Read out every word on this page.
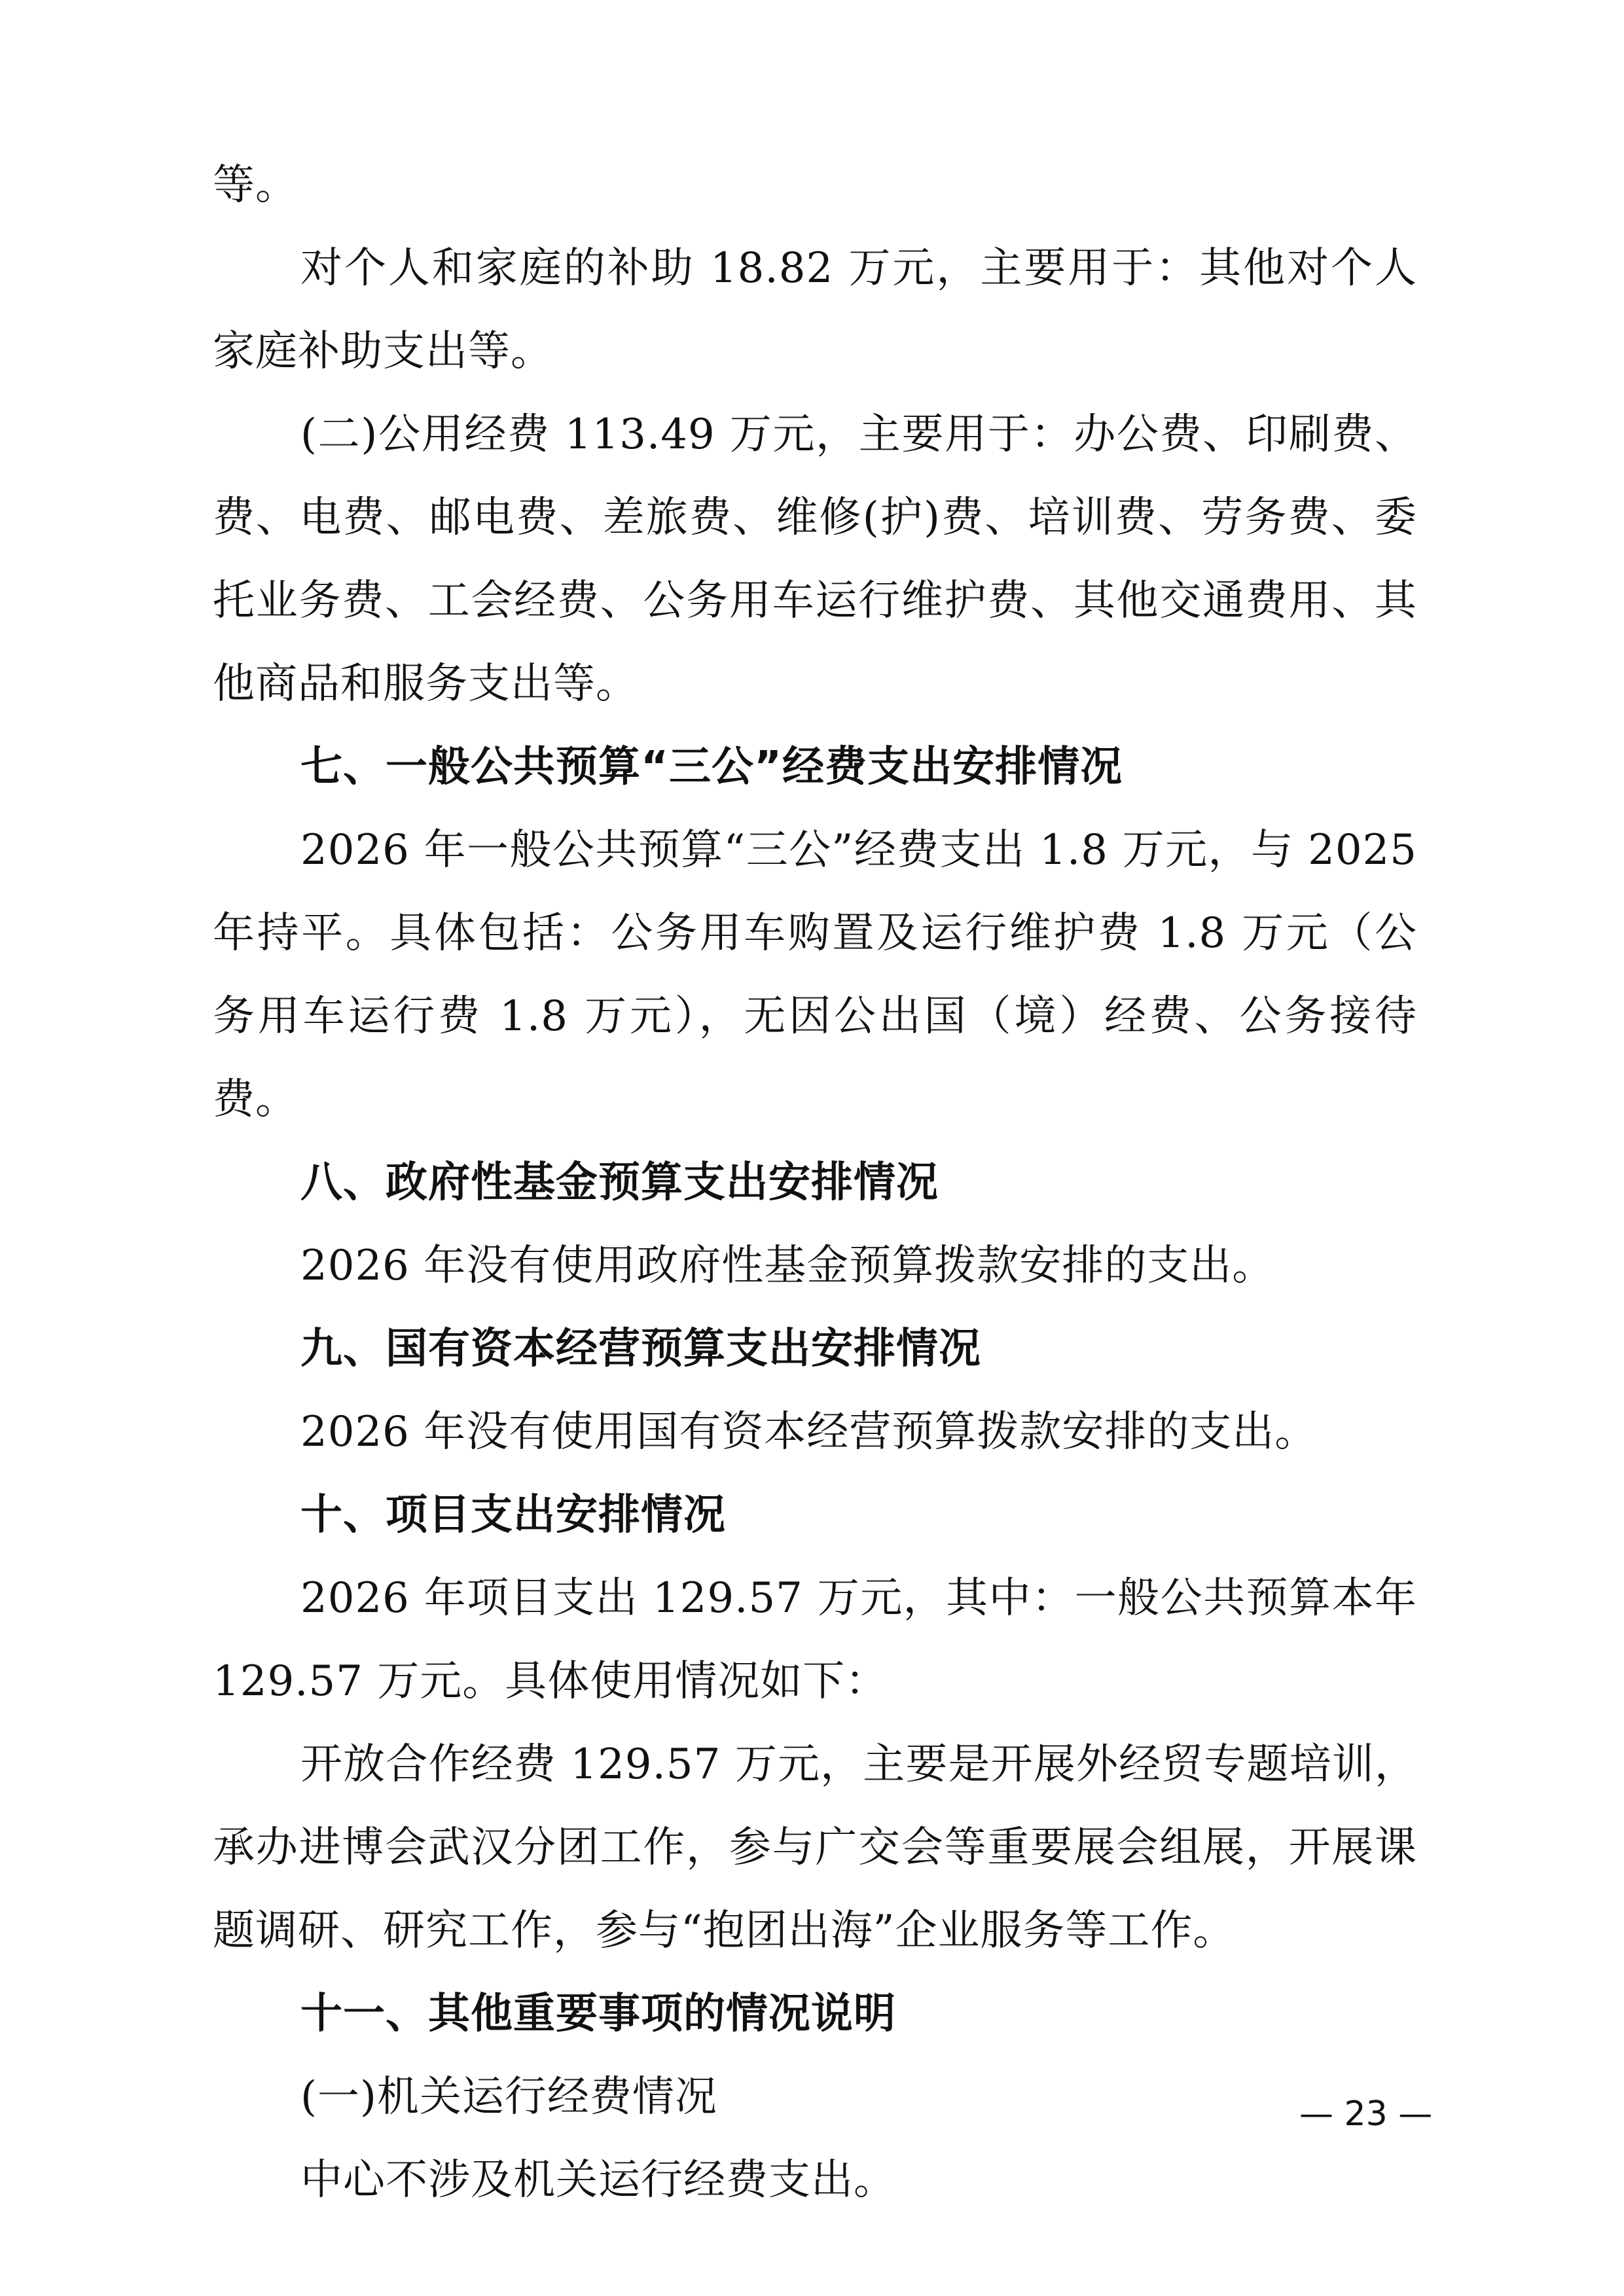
等。
对个人和家庭的补助 18.82 万元，主要用于：其他对个人
家庭补助支出等。
(二)公用经费 113.49 万元，主要用于：办公费、印刷费、
费、电费、邮电费、差旅费、维修(护)费、培训费、劳务费、委
托业务费、工会经费、公务用车运行维护费、其他交通费用、其
他商品和服务支出等。
七、一般公共预算“三公”经费支出安排情况
2026 年一般公共预算“三公”经费支出 1.8 万元，与 2025
年持平。具体包括：公务用车购置及运行维护费 1.8 万元（公
务用车运行费 1.8 万元），无因公出国（境）经费、公务接待
费。
八、政府性基金预算支出安排情况
2026 年没有使用政府性基金预算拨款安排的支出。
九、国有资本经营预算支出安排情况
2026 年没有使用国有资本经营预算拨款安排的支出。
十、项目支出安排情况
2026 年项目支出 129.57 万元，其中：一般公共预算本年
129.57 万元。具体使用情况如下：
开放合作经费 129.57 万元，主要是开展外经贸专题培训，
承办进博会武汉分团工作，参与广交会等重要展会组展，开展课
题调研、研究工作，参与“抱团出海”企业服务等工作。
十一、其他重要事项的情况说明
(一)机关运行经费情况
中心不涉及机关运行经费支出。
— 23 —
